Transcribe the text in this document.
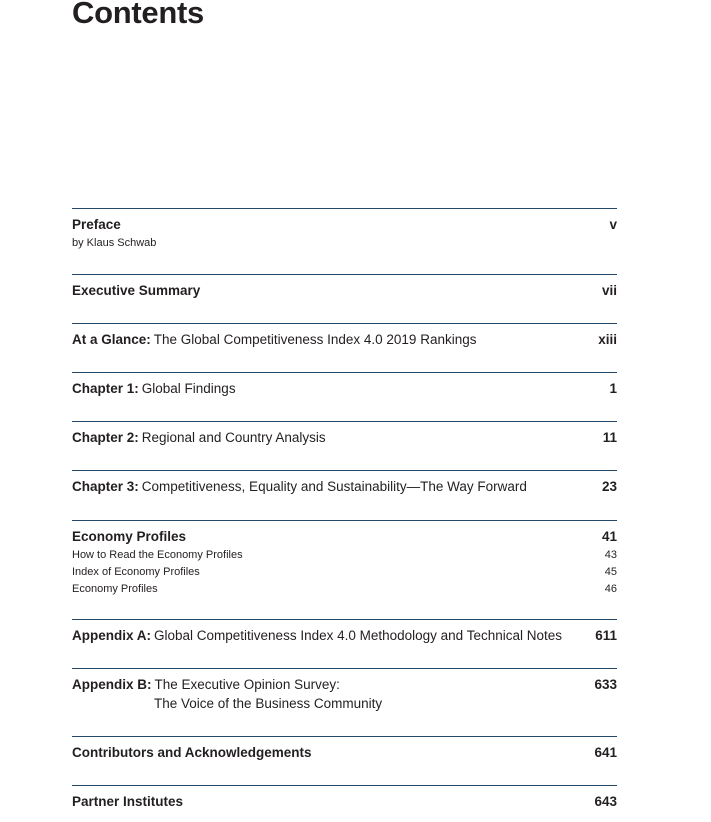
Contents
Preface	v
by Klaus Schwab
Executive Summary	vii
At a Glance: The Global Competitiveness Index 4.0 2019 Rankings	xiii
Chapter 1: Global Findings	1
Chapter 2: Regional and Country Analysis	11
Chapter 3: Competitiveness, Equality and Sustainability—The Way Forward	23
Economy Profiles	41
How to Read the Economy Profiles	43
Index of Economy Profiles	45
Economy Profiles	46
Appendix A: Global Competitiveness Index 4.0 Methodology and Technical Notes 611
Appendix B: The Executive Opinion Survey:	633
The Voice of the Business Community
Contributors and Acknowledgements	641
Partner Institutes	643
